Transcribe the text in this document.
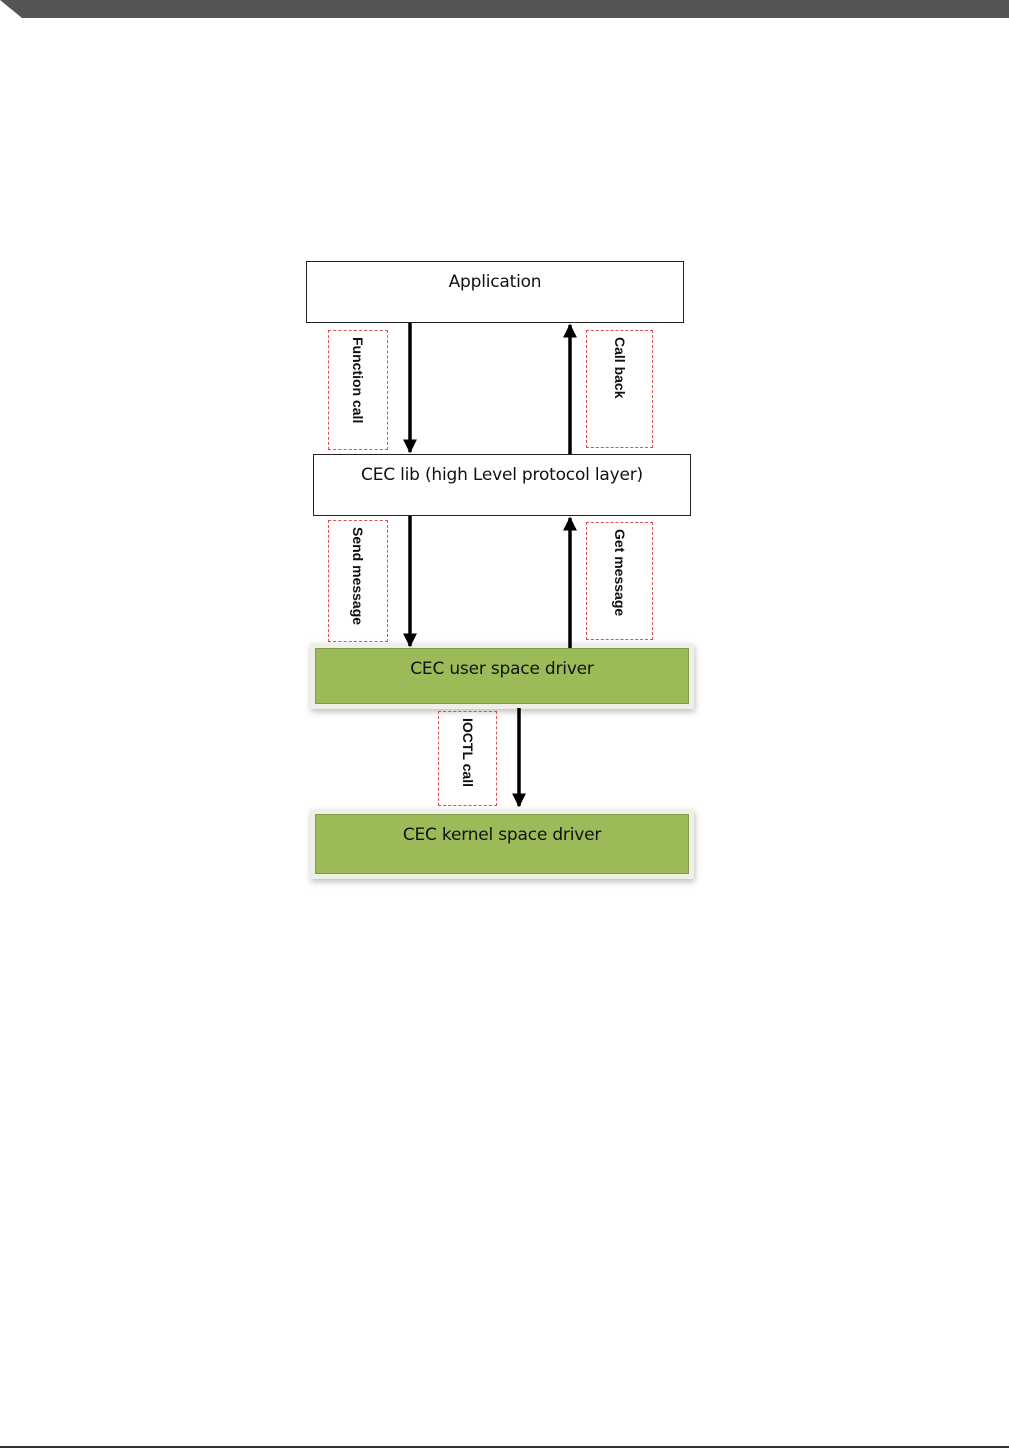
Application
CEC lib (high Level protocol layer)
CEC user space driver
CEC kernel space driver
Function call	Call back
Send message	Get message
IOCTL call
